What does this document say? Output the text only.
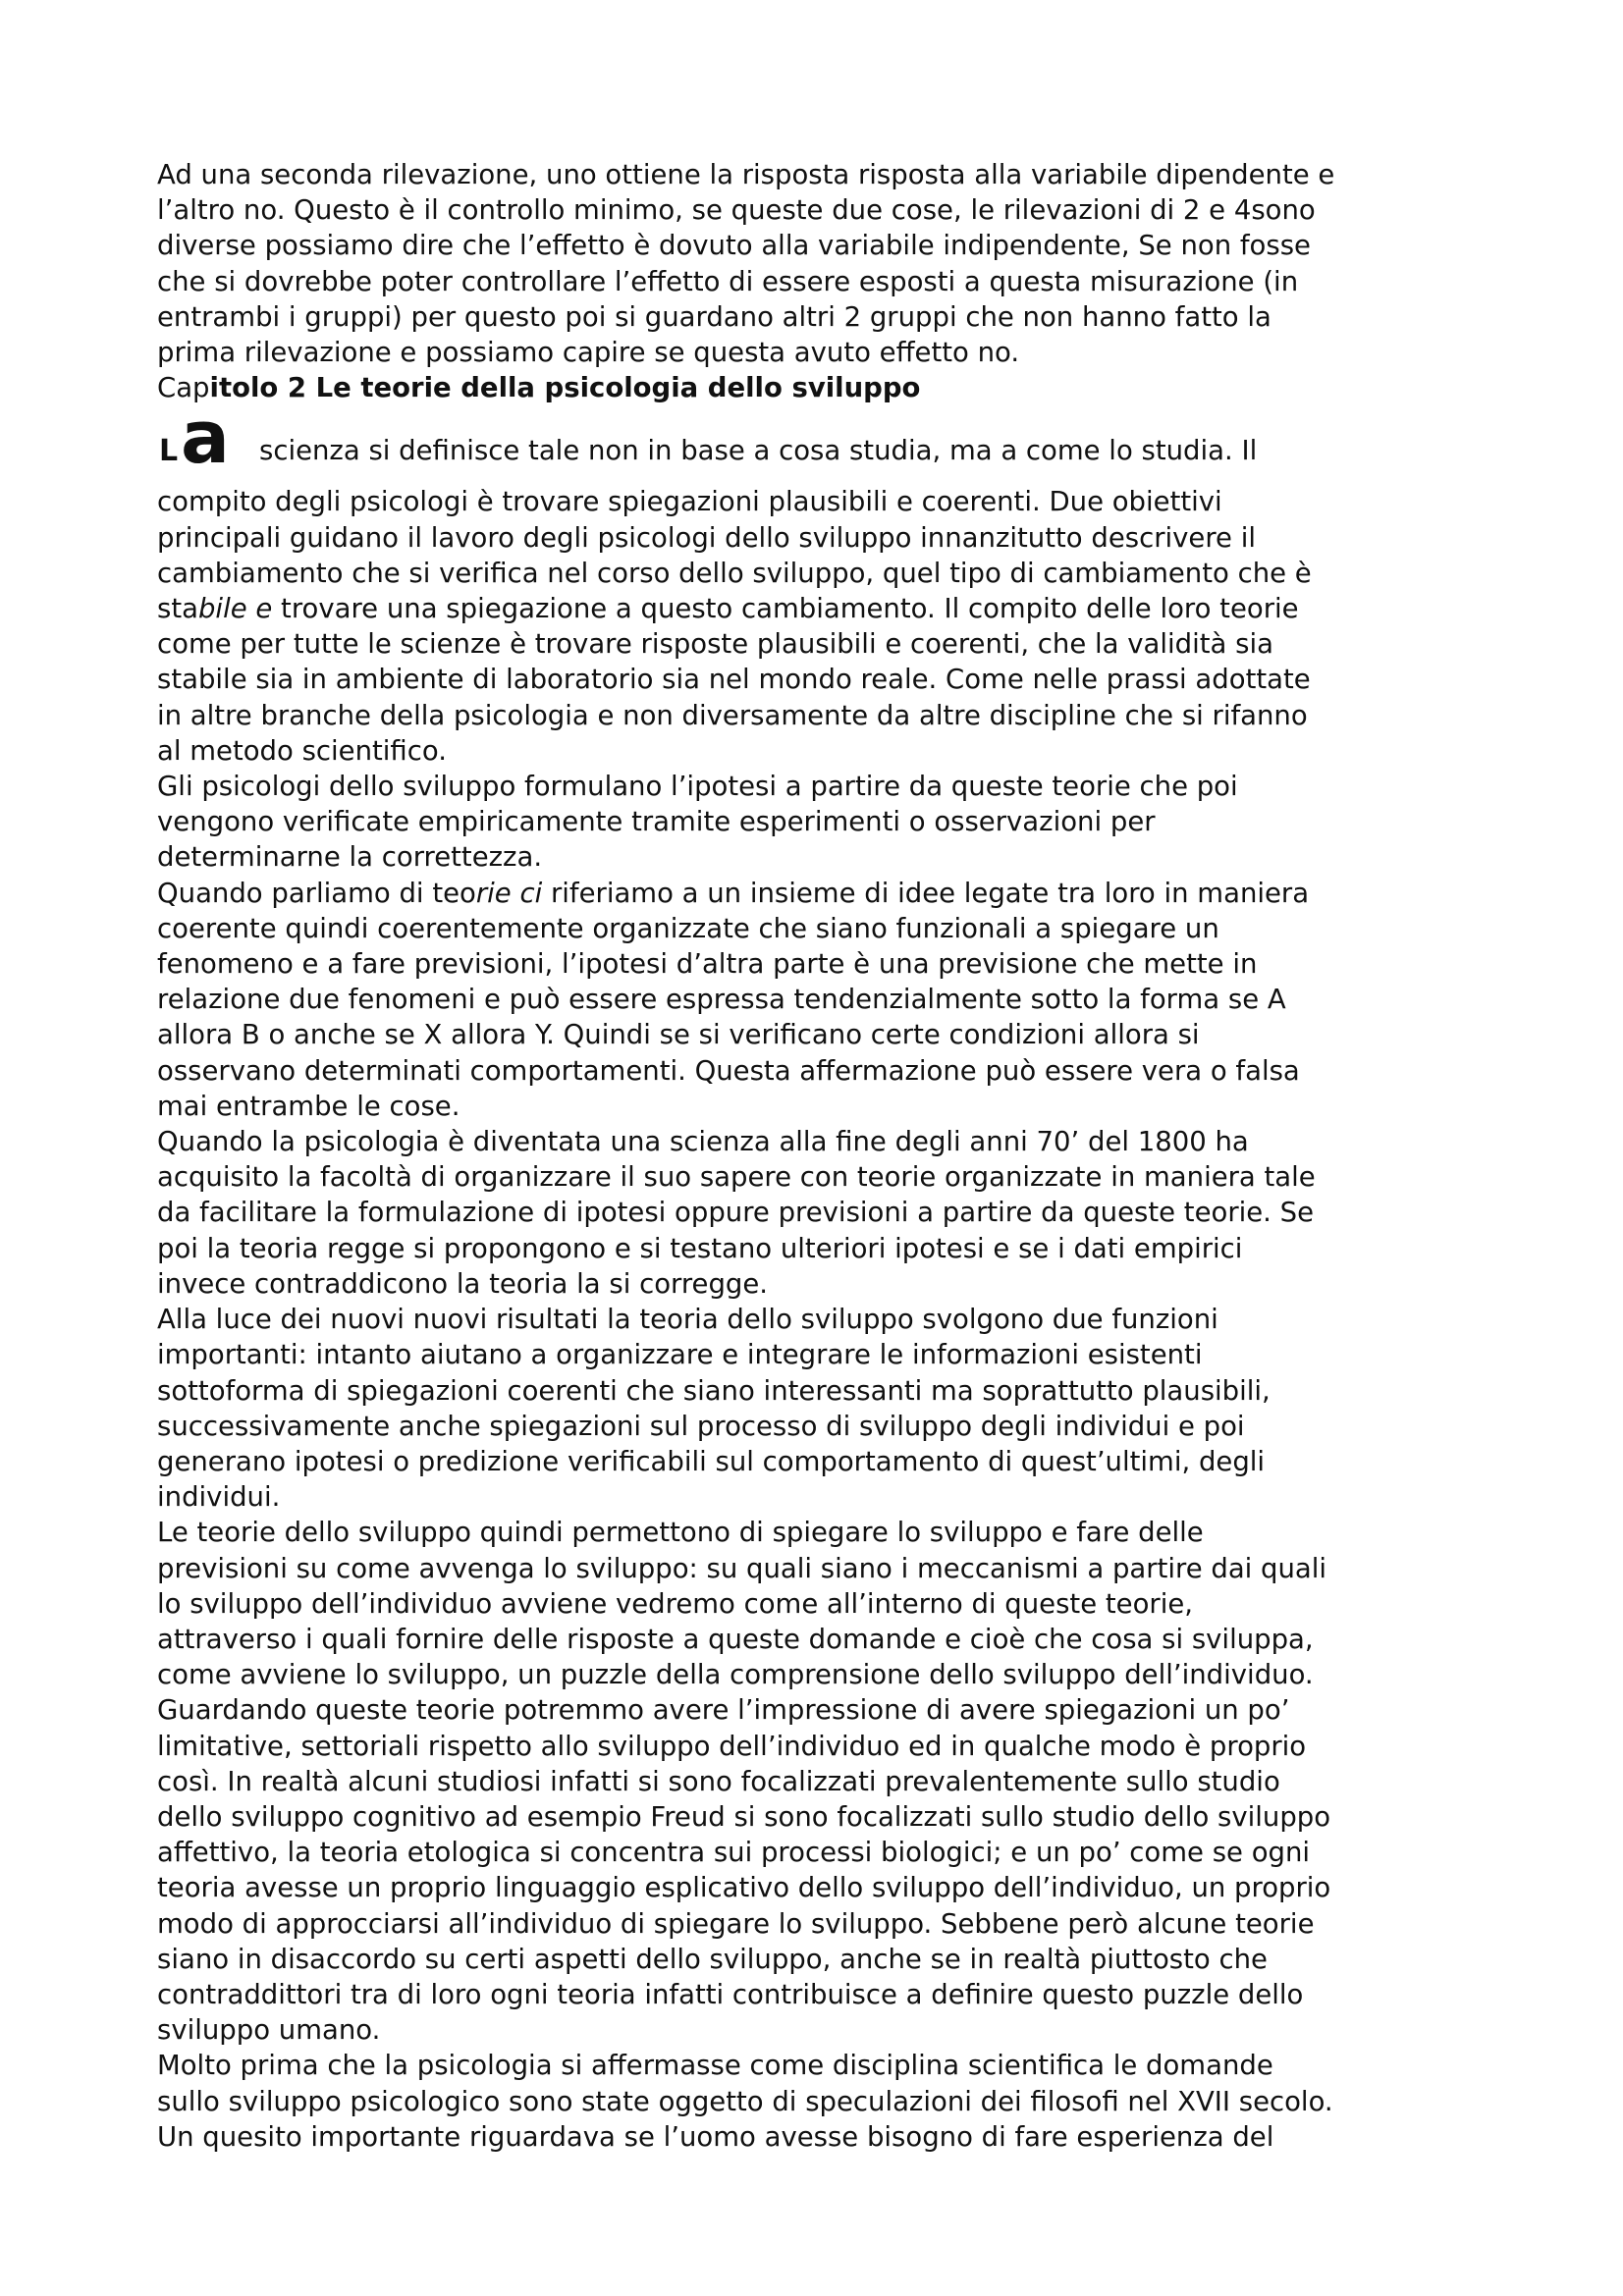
Ad una seconda rilevazione, uno ottiene la risposta risposta alla variabile dipendente e
l’altro no. Questo è il controllo minimo, se queste due cose, le rilevazioni di 2 e 4sono
diverse possiamo dire che l’effetto è dovuto alla variabile indipendente, Se non fosse
che si dovrebbe poter controllare l’effetto di essere esposti a questa misurazione (in
entrambi i gruppi) per questo poi si guardano altri 2 gruppi che non hanno fatto la
prima rilevazione e possiamo capire se questa avuto effetto no.
Capitolo 2 Le teorie della psicologia dello sviluppo
L a scienza si definisce tale non in base a cosa studia, ma a come lo studia. Il
compito degli psicologi è trovare spiegazioni plausibili e coerenti. Due obiettivi
principali guidano il lavoro degli psicologi dello sviluppo innanzitutto descrivere il
cambiamento che si verifica nel corso dello sviluppo, quel tipo di cambiamento che è
stabile e trovare una spiegazione a questo cambiamento. Il compito delle loro teorie
come per tutte le scienze è trovare risposte plausibili e coerenti, che la validità sia
stabile sia in ambiente di laboratorio sia nel mondo reale. Come nelle prassi adottate
in altre branche della psicologia e non diversamente da altre discipline che si rifanno
al metodo scientifico.
Gli psicologi dello sviluppo formulano l’ipotesi a partire da queste teorie che poi
vengono verificate empiricamente tramite esperimenti o osservazioni per
determinarne la correttezza.
Quando parliamo di teorie ci riferiamo a un insieme di idee legate tra loro in maniera
coerente quindi coerentemente organizzate che siano funzionali a spiegare un
fenomeno e a fare previsioni, l’ipotesi d’altra parte è una previsione che mette in
relazione due fenomeni e può essere espressa tendenzialmente sotto la forma se A
allora B o anche se X allora Y. Quindi se si verificano certe condizioni allora si
osservano determinati comportamenti. Questa affermazione può essere vera o falsa
mai entrambe le cose.
Quando la psicologia è diventata una scienza alla fine degli anni 70’ del 1800 ha
acquisito la facoltà di organizzare il suo sapere con teorie organizzate in maniera tale
da facilitare la formulazione di ipotesi oppure previsioni a partire da queste teorie. Se
poi la teoria regge si propongono e si testano ulteriori ipotesi e se i dati empirici
invece contraddicono la teoria la si corregge.
Alla luce dei nuovi nuovi risultati la teoria dello sviluppo svolgono due funzioni
importanti: intanto aiutano a organizzare e integrare le informazioni esistenti
sottoforma di spiegazioni coerenti che siano interessanti ma soprattutto plausibili,
successivamente anche spiegazioni sul processo di sviluppo degli individui e poi
generano ipotesi o predizione verificabili sul comportamento di quest’ultimi, degli
individui.
Le teorie dello sviluppo quindi permettono di spiegare lo sviluppo e fare delle
previsioni su come avvenga lo sviluppo: su quali siano i meccanismi a partire dai quali
lo sviluppo dell’individuo avviene vedremo come all’interno di queste teorie,
attraverso i quali fornire delle risposte a queste domande e cioè che cosa si sviluppa,
come avviene lo sviluppo, un puzzle della comprensione dello sviluppo dell’individuo.
Guardando queste teorie potremmo avere l’impressione di avere spiegazioni un po’
limitative, settoriali rispetto allo sviluppo dell’individuo ed in qualche modo è proprio
così. In realtà alcuni studiosi infatti si sono focalizzati prevalentemente sullo studio
dello sviluppo cognitivo ad esempio Freud si sono focalizzati sullo studio dello sviluppo
affettivo, la teoria etologica si concentra sui processi biologici; e un po’ come se ogni
teoria avesse un proprio linguaggio esplicativo dello sviluppo dell’individuo, un proprio
modo di approcciarsi all’individuo di spiegare lo sviluppo. Sebbene però alcune teorie
siano in disaccordo su certi aspetti dello sviluppo, anche se in realtà piuttosto che
contraddittori tra di loro ogni teoria infatti contribuisce a definire questo puzzle dello
sviluppo umano.
Molto prima che la psicologia si affermasse come disciplina scientifica le domande
sullo sviluppo psicologico sono state oggetto di speculazioni dei filosofi nel XVII secolo.
Un quesito importante riguardava se l’uomo avesse bisogno di fare esperienza del
